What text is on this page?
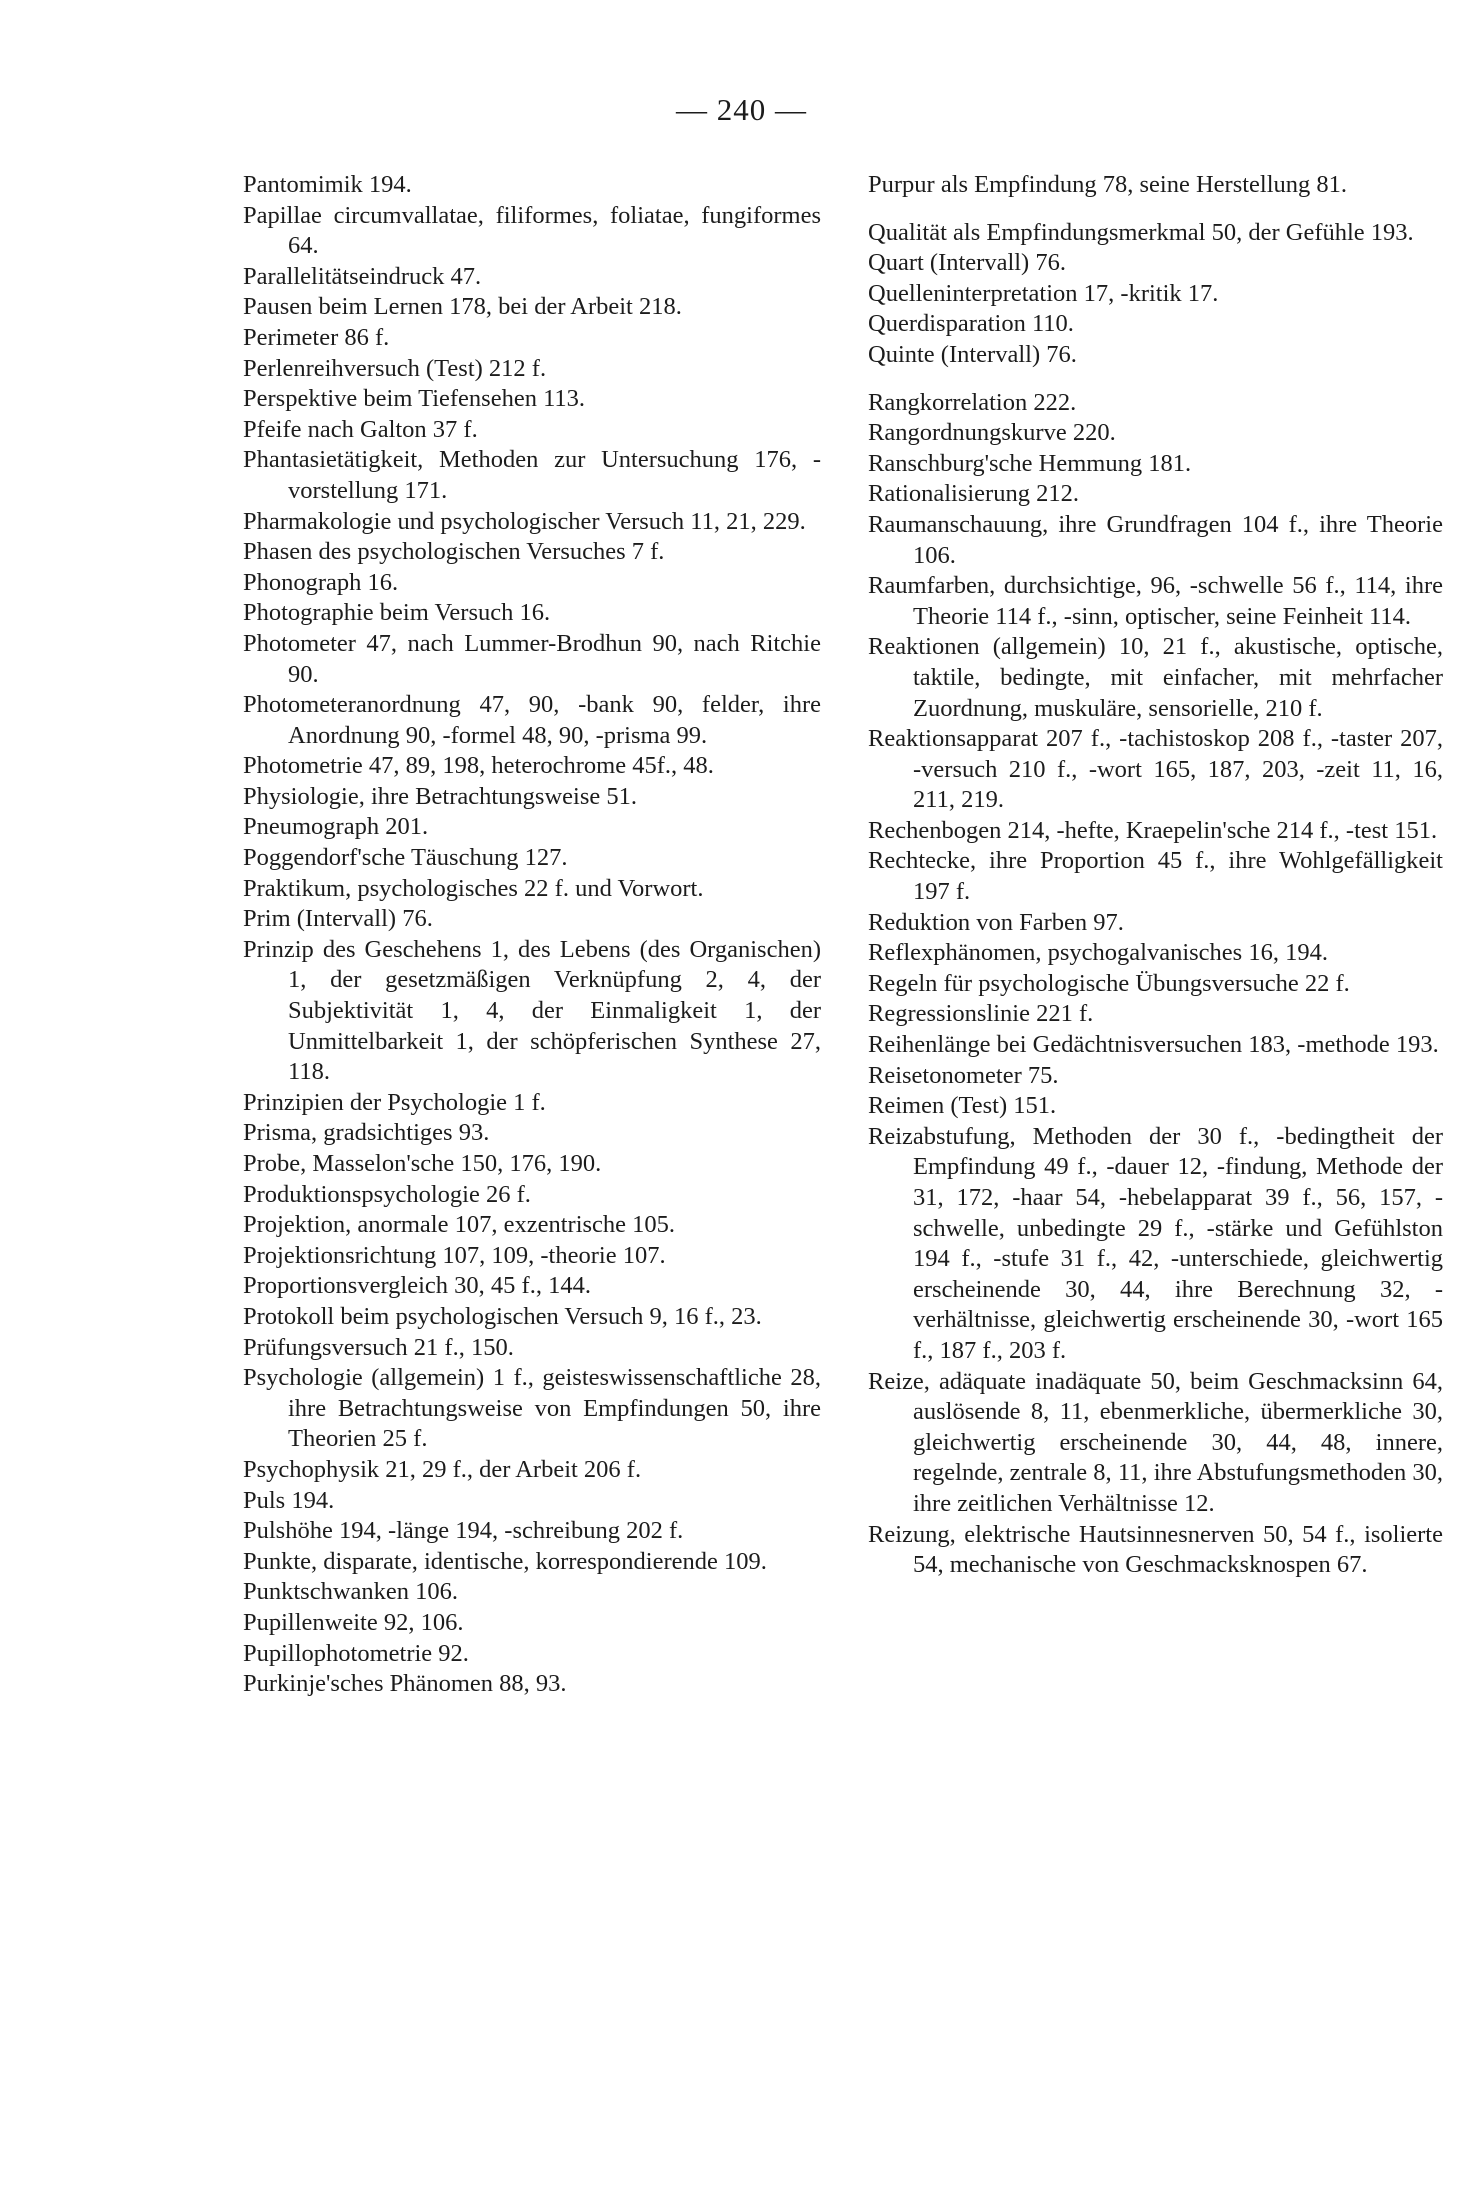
— 240 —

Pantomimik 194.

Papillae circumvallatae, filiformes, foliatae, fungiformes 64.

Parallelitätseindruck 47.

Pausen beim Lernen 178, bei der Arbeit 218.

Perimeter 86 f.

Perlenreihversuch (Test) 212 f.

Perspektive beim Tiefensehen 113.

Pfeife nach Galton 37 f.

Phantasietätigkeit, Methoden zur Untersuchung 176, -vorstellung 171.

Pharmakologie und psychologischer Versuch 11, 21, 229.

Phasen des psychologischen Versuches 7 f.

Phonograph 16.

Photographie beim Versuch 16.

Photometer 47, nach Lummer-Brodhun 90, nach Ritchie 90.

Photometeranordnung 47, 90, -bank 90, felder, ihre Anordnung 90, -formel 48, 90, -prisma 99.

Photometrie 47, 89, 198, heterochrome 45f., 48.

Physiologie, ihre Betrachtungsweise 51.

Pneumograph 201.

Poggendorf'sche Täuschung 127.

Praktikum, psychologisches 22 f. und Vorwort.

Prim (Intervall) 76.

Prinzip des Geschehens 1, des Lebens (des Organischen) 1, der gesetzmäßigen Verknüpfung 2, 4, der Subjektivität 1, 4, der Einmaligkeit 1, der Unmittelbarkeit 1, der schöpferischen Synthese 27, 118.

Prinzipien der Psychologie 1 f.

Prisma, gradsichtiges 93.

Probe, Masselon'sche 150, 176, 190.

Produktionspsychologie 26 f.

Projektion, anormale 107, exzentrische 105.

Projektionsrichtung 107, 109, -theorie 107.

Proportionsvergleich 30, 45 f., 144.

Protokoll beim psychologischen Versuch 9, 16 f., 23.

Prüfungsversuch 21 f., 150.

Psychologie (allgemein) 1 f., geisteswissenschaftliche 28, ihre Betrachtungsweise von Empfindungen 50, ihre Theorien 25 f.

Psychophysik 21, 29 f., der Arbeit 206 f.

Puls 194.

Pulshöhe 194, -länge 194, -schreibung 202 f.

Punkte, disparate, identische, korrespondierende 109.

Punktschwanken 106.

Pupillenweite 92, 106.

Pupillophotometrie 92.

Purkinje'sches Phänomen 88, 93.

Purpur als Empfindung 78, seine Herstellung 81.

Qualität als Empfindungsmerkmal 50, der Gefühle 193.

Quart (Intervall) 76.

Quelleninterpretation 17, -kritik 17.

Querdisparation 110.

Quinte (Intervall) 76.

Rangkorrelation 222.

Rangordnungskurve 220.

Ranschburg'sche Hemmung 181.

Rationalisierung 212.

Raumanschauung, ihre Grundfragen 104 f., ihre Theorie 106.

Raumfarben, durchsichtige, 96, -schwelle 56 f., 114, ihre Theorie 114 f., -sinn, optischer, seine Feinheit 114.

Reaktionen (allgemein) 10, 21 f., akustische, optische, taktile, bedingte, mit einfacher, mit mehrfacher Zuordnung, muskuläre, sensorielle, 210 f.

Reaktionsapparat 207 f., -tachistoskop 208 f., -taster 207, -versuch 210 f., -wort 165, 187, 203, -zeit 11, 16, 211, 219.

Rechenbogen 214, -hefte, Kraepelin'sche 214 f., -test 151.

Rechtecke, ihre Proportion 45 f., ihre Wohlgefälligkeit 197 f.

Reduktion von Farben 97.

Reflexphänomen, psychogalvanisches 16, 194.

Regeln für psychologische Übungsversuche 22 f.

Regressionslinie 221 f.

Reihenlänge bei Gedächtnisversuchen 183, -methode 193.

Reisetonometer 75.

Reimen (Test) 151.

Reizabstufung, Methoden der 30 f., -bedingtheit der Empfindung 49 f., -dauer 12, -findung, Methode der 31, 172, -haar 54, -hebelapparat 39 f., 56, 157, -schwelle, unbedingte 29 f., -stärke und Gefühlston 194 f., -stufe 31 f., 42, -unterschiede, gleichwertig erscheinende 30, 44, ihre Berechnung 32, -verhältnisse, gleichwertig erscheinende 30, -wort 165 f., 187 f., 203 f.

Reize, adäquate inadäquate 50, beim Geschmacksinn 64, auslösende 8, 11, ebenmerkliche, übermerkliche 30, gleichwertig erscheinende 30, 44, 48, innere, regelnde, zentrale 8, 11, ihre Abstufungsmethoden 30, ihre zeitlichen Verhältnisse 12.

Reizung, elektrische Hautsinnesnerven 50, 54 f., isolierte 54, mechanische von Geschmacksknospen 67.
